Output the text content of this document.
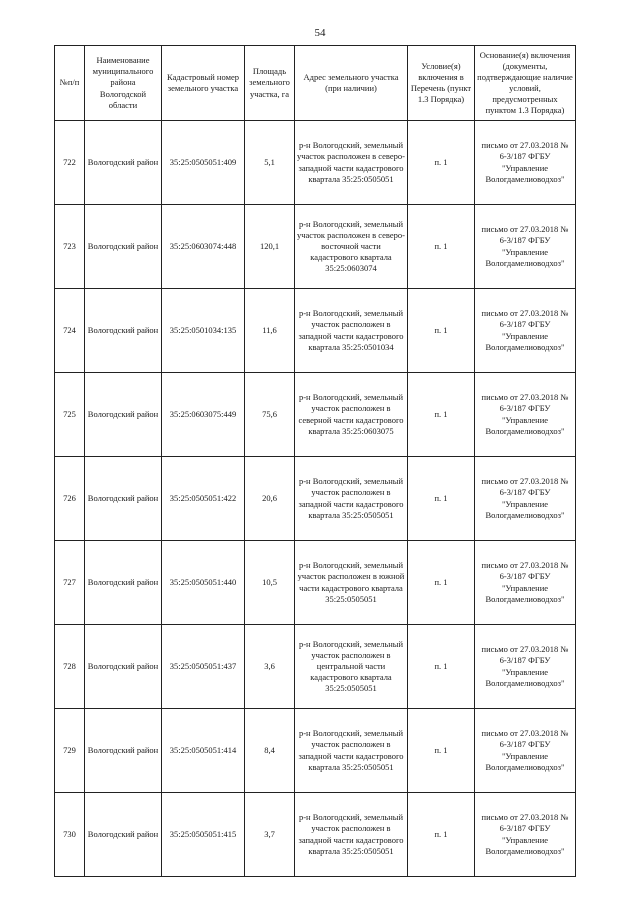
54
№п/п	Наименование муниципального района Вологодской области	Кадастровый номер земельного участка	Площадь земельного участка, га	Адрес земельного участка (при наличии)	Условие(я) включения в Перечень (пункт 1.3 Порядка)	Основание(я) включения (документы, подтверждающие наличие условий, предусмотренных пунктом 1.3 Порядка)
722	Вологодский район	35:25:0505051:409	5,1	р-н Вологодский, земельный участок расположен в северо-западной части кадастрового квартала 35:25:0505051	п. 1	письмо от 27.03.2018 № 6-3/187 ФГБУ "Управление Вологдамелиоводхоз"
723	Вологодский район	35:25:0603074:448	120,1	р-н Вологодский, земельный участок расположен в северо-восточной части кадастрового квартала 35:25:0603074	п. 1	письмо от 27.03.2018 № 6-3/187 ФГБУ "Управление Вологдамелиоводхоз"
724	Вологодский район	35:25:0501034:135	11,6	р-н Вологодский, земельный участок расположен в западной части кадастрового квартала 35:25:0501034	п. 1	письмо от 27.03.2018 № 6-3/187 ФГБУ "Управление Вологдамелиоводхоз"
725	Вологодский район	35:25:0603075:449	75,6	р-н Вологодский, земельный участок расположен в северной части кадастрового квартала 35:25:0603075	п. 1	письмо от 27.03.2018 № 6-3/187 ФГБУ "Управление Вологдамелиоводхоз"
726	Вологодский район	35:25:0505051:422	20,6	р-н Вологодский, земельный участок расположен в западной части кадастрового квартала 35:25:0505051	п. 1	письмо от 27.03.2018 № 6-3/187 ФГБУ "Управление Вологдамелиоводхоз"
727	Вологодский район	35:25:0505051:440	10,5	р-н Вологодский, земельный участок расположен в южной части кадастрового квартала 35:25:0505051	п. 1	письмо от 27.03.2018 № 6-3/187 ФГБУ "Управление Вологдамелиоводхоз"
728	Вологодский район	35:25:0505051:437	3,6	р-н Вологодский, земельный участок расположен в центральной части кадастрового квартала 35:25:0505051	п. 1	письмо от 27.03.2018 № 6-3/187 ФГБУ "Управление Вологдамелиоводхоз"
729	Вологодский район	35:25:0505051:414	8,4	р-н Вологодский, земельный участок расположен в западной части кадастрового квартала 35:25:0505051	п. 1	письмо от 27.03.2018 № 6-3/187 ФГБУ "Управление Вологдамелиоводхоз"
730	Вологодский район	35:25:0505051:415	3,7	р-н Вологодский, земельный участок расположен в западной части кадастрового квартала 35:25:0505051	п. 1	письмо от 27.03.2018 № 6-3/187 ФГБУ "Управление Вологдамелиоводхоз"
